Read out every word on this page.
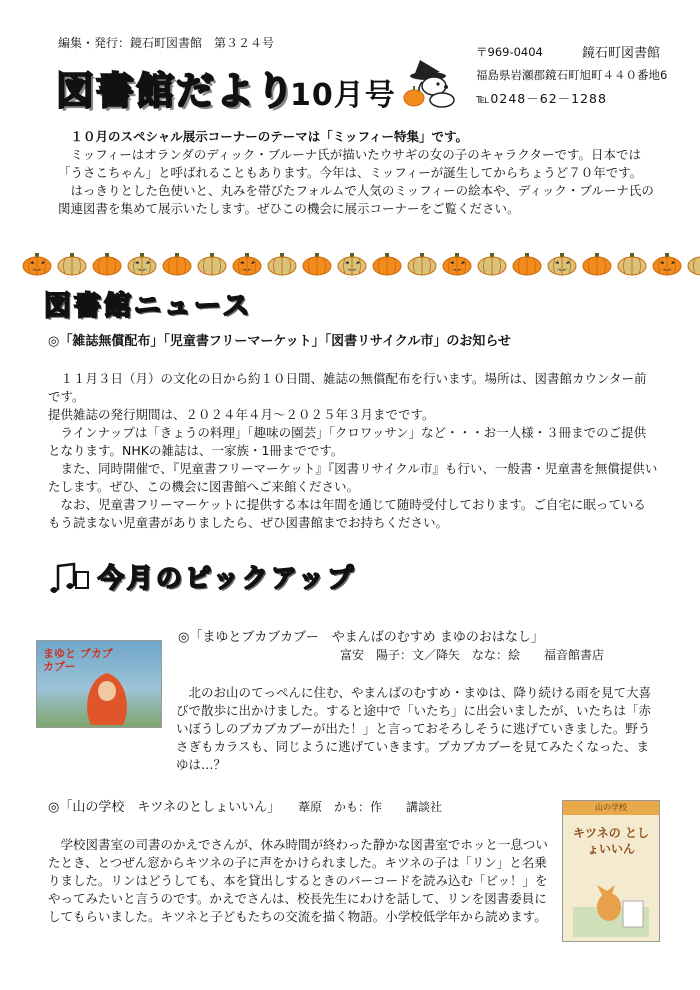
編集・発行：鏡石町図書館　第３２４号
図書館だより
10月号
〒969-0404	鏡石町図書館
福島県岩瀬郡鏡石町旭町４４０番地6
℡0248－62－1288

１０月のスペシャル展示コーナーのテーマは「ミッフィー特集」です。

ミッフィーはオランダのディック・ブルーナ氏が描いたウサギの女の子のキャラクターです。日本では「うさこちゃん」と呼ばれることもあります。今年は、ミッフィーが誕生してからちょうど７０年です。

はっきりとした色使いと、丸みを帯びたフォルムで人気のミッフィーの絵本や、ディック・ブルーナ氏の関連図書を集めて展示いたします。ぜひこの機会に展示コーナーをご覧ください。

図書館ニュース
◎「雑誌無償配布」「児童書フリーマーケット」「図書リサイクル市」のお知らせ

１１月３日（月）の文化の日から約１０日間、雑誌の無償配布を行います。場所は、図書館カウンター前です。

提供雑誌の発行期間は、２０２４年４月～２０２５年３月までです。

ラインナップは「きょうの料理」「趣味の園芸」「クロワッサン」など・・・お一人様・３冊までのご提供となります。NHKの雑誌は、一家族・1冊までです。

また、同時開催で、『児童書フリーマーケット』『図書リサイクル市』も行い、一般書・児童書を無償提供いたします。ぜひ、この機会に図書館へご来館ください。

なお、児童書フリーマーケットに提供する本は年間を通じて随時受付しております。ご自宅に眠っているもう読まない児童書がありましたら、ぜひ図書館までお持ちください。

今月のピックアップ
まゆと ブカブカブー
◎「まゆとブカブカブー　やまんばのむすめ まゆのおはなし」
富安　陽子：文／降矢　なな：絵　　福音館書店

北のお山のてっぺんに住む、やまんばのむすめ・まゆは、降り続ける雨を見て大喜びで散歩に出かけました。すると途中で「いたち」に出会いましたが、いたちは「赤いぼうしのブカブカブーが出た！」と言っておそろしそうに逃げていきました。野うさぎもカラスも、同じように逃げていきます。ブカブカブーを見てみたくなった、まゆは…？

◎「山の学校　キツネのとしょいいん」 葦原　かも：作　　講談社

学校図書室の司書のかえでさんが、休み時間が終わった静かな図書室でホッと一息ついたとき、とつぜん窓からキツネの子に声をかけられました。キツネの子は「リン」と名乗りました。リンはどうしても、本を貸出しするときのバーコードを読み込む「ピッ！」をやってみたいと言うのです。かえでさんは、校長先生にわけを話して、リンを図書委員にしてもらいました。キツネと子どもたちの交流を描く物語。小学校低学年から読めます。

山の学校
キツネの としょいいん
